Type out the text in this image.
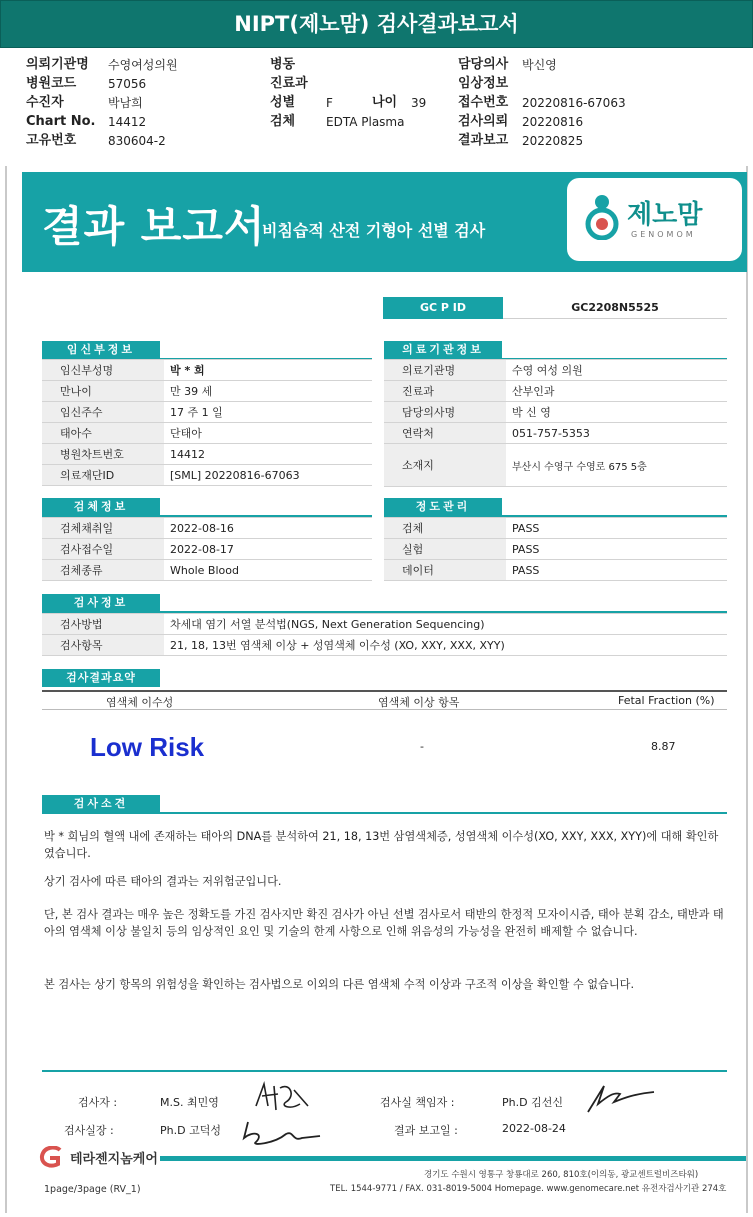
NIPT(제노맘) 검사결과보고서
의뢰기관명 수영여성의원	병동	담당의사 박신영
병원코드	57056	진료과	임상정보
수진자	박남희	성별	F	나이 39 접수번호 20220816-67063
Chart No. 14412	검체	EDTA Plasma	검사의뢰 20220816
고유번호	830604-2	결과보고 20220825
결과 보고서
비침습적 산전 기형아 선별 검사
제노맘
GENOMOM
GC P ID	GC2208N5525
임신부정보
임신부성명	박 * 희
만나이	만 39 세
임신주수	17 주 1 일
태아수	단태아
병원차트번호	14412
의료재단ID	[SML] 20220816-67063
의료기관정보
의료기관명	수영 여성 의원
진료과	산부인과
담당의사명	박 신 영
연락처	051-757-5353
소재지	부산시 수영구 수영로 675 5층
검체정보
검체채취일	2022-08-16
검사접수일	2022-08-17
검체종류	Whole Blood
정도관리
검체	PASS
실험	PASS
데이터	PASS
검사정보
검사방법	차세대 염기 서열 분석법(NGS, Next Generation Sequencing)
검사항목	21, 18, 13번 염색체 이상 + 성염색체 이수성 (XO, XXY, XXX, XYY)
검사결과요약
염색체 이수성	염색체 이상 항목	Fetal Fraction (%)
Low Risk	-	8.87
검사소견
박 * 희님의 혈액 내에 존재하는 태아의 DNA를 분석하여 21, 18, 13번 삼염색체증, 성염색체 이수성(XO, XXY, XXX, XYY)에 대해 확인하였습니다.
상기 검사에 따른 태아의 결과는 저위험군입니다.
단, 본 검사 결과는 매우 높은 정확도를 가진 검사지만 확진 검사가 아닌 선별 검사로서 태반의 한정적 모자이시즘, 태아 분획 감소, 태반과 태아의 염색체 이상 불일치 등의 임상적인 요인 및 기술의 한계 사항으로 인해 위음성의 가능성을 완전히 배제할 수 없습니다.
본 검사는 상기 항목의 위험성을 확인하는 검사법으로 이외의 다른 염색체 수적 이상과 구조적 이상을 확인할 수 없습니다.
검사자 :	M.S. 최민영	검사실 책임자 :	Ph.D 김선신
검사실장 :	Ph.D 고덕성	결과 보고일 :	2022-08-24
테라젠지놈케어
경기도 수원시 영통구 창룡대로 260, 810호(이의동, 광교센트럴비즈타워)
TEL. 1544-9771 / FAX. 031-8019-5004 Homepage. www.genomecare.net 유전자검사기관 274호
1page/3page (RV_1)
